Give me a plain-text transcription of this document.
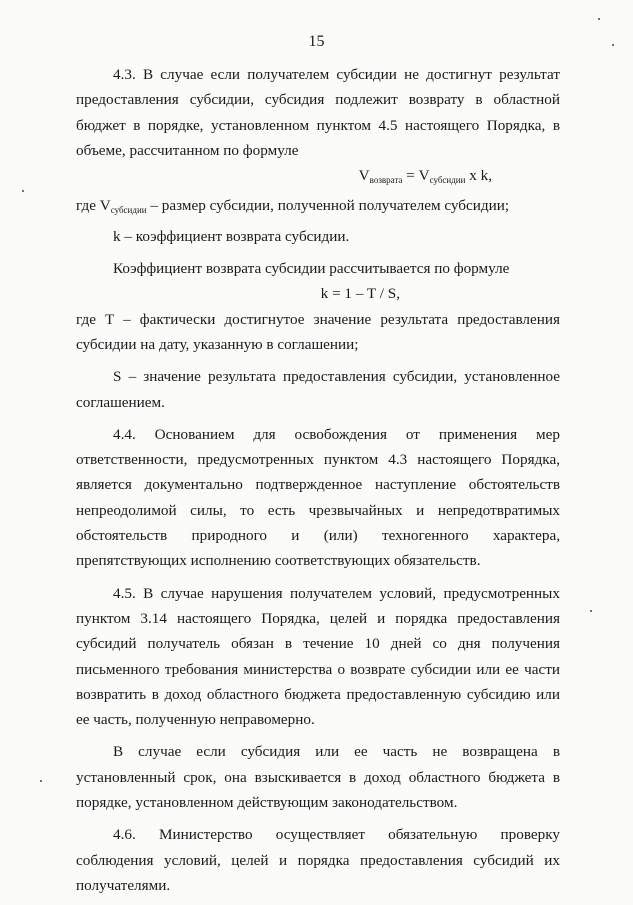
15

4.3. В случае если получателем субсидии не достигнут результат предоставления субсидии, субсидия подлежит возврату в областной бюджет в порядке, установленном пунктом 4.5 настоящего Порядка, в объеме, рассчитанном по формуле

$V_{возврата} = V_{субсидии}$ x k,

где $V_{субсидии}$ – размер субсидии, полученной получателем субсидии;

k – коэффициент возврата субсидии.

Коэффициент возврата субсидии рассчитывается по формуле

k = 1 – T / S,

где T – фактически достигнутое значение результата предоставления субсидии на дату, указанную в соглашении;

S – значение результата предоставления субсидии, установленное соглашением.

4.4. Основанием для освобождения от применения мер ответственности, предусмотренных пунктом 4.3 настоящего Порядка, является документально подтвержденное наступление обстоятельств непреодолимой силы, то есть чрезвычайных и непредотвратимых обстоятельств природного и (или) техногенного характера, препятствующих исполнению соответствующих обязательств.

4.5. В случае нарушения получателем условий, предусмотренных пунктом 3.14 настоящего Порядка, целей и порядка предоставления субсидий получатель обязан в течение 10 дней со дня получения письменного требования министерства о возврате субсидии или ее части возвратить в доход областного бюджета предоставленную субсидию или ее часть, полученную неправомерно.

В случае если субсидия или ее часть не возвращена в установленный срок, она взыскивается в доход областного бюджета в порядке, установленном действующим законодательством.

4.6. Министерство осуществляет обязательную проверку соблюдения условий, целей и порядка предоставления субсидий их получателями.
